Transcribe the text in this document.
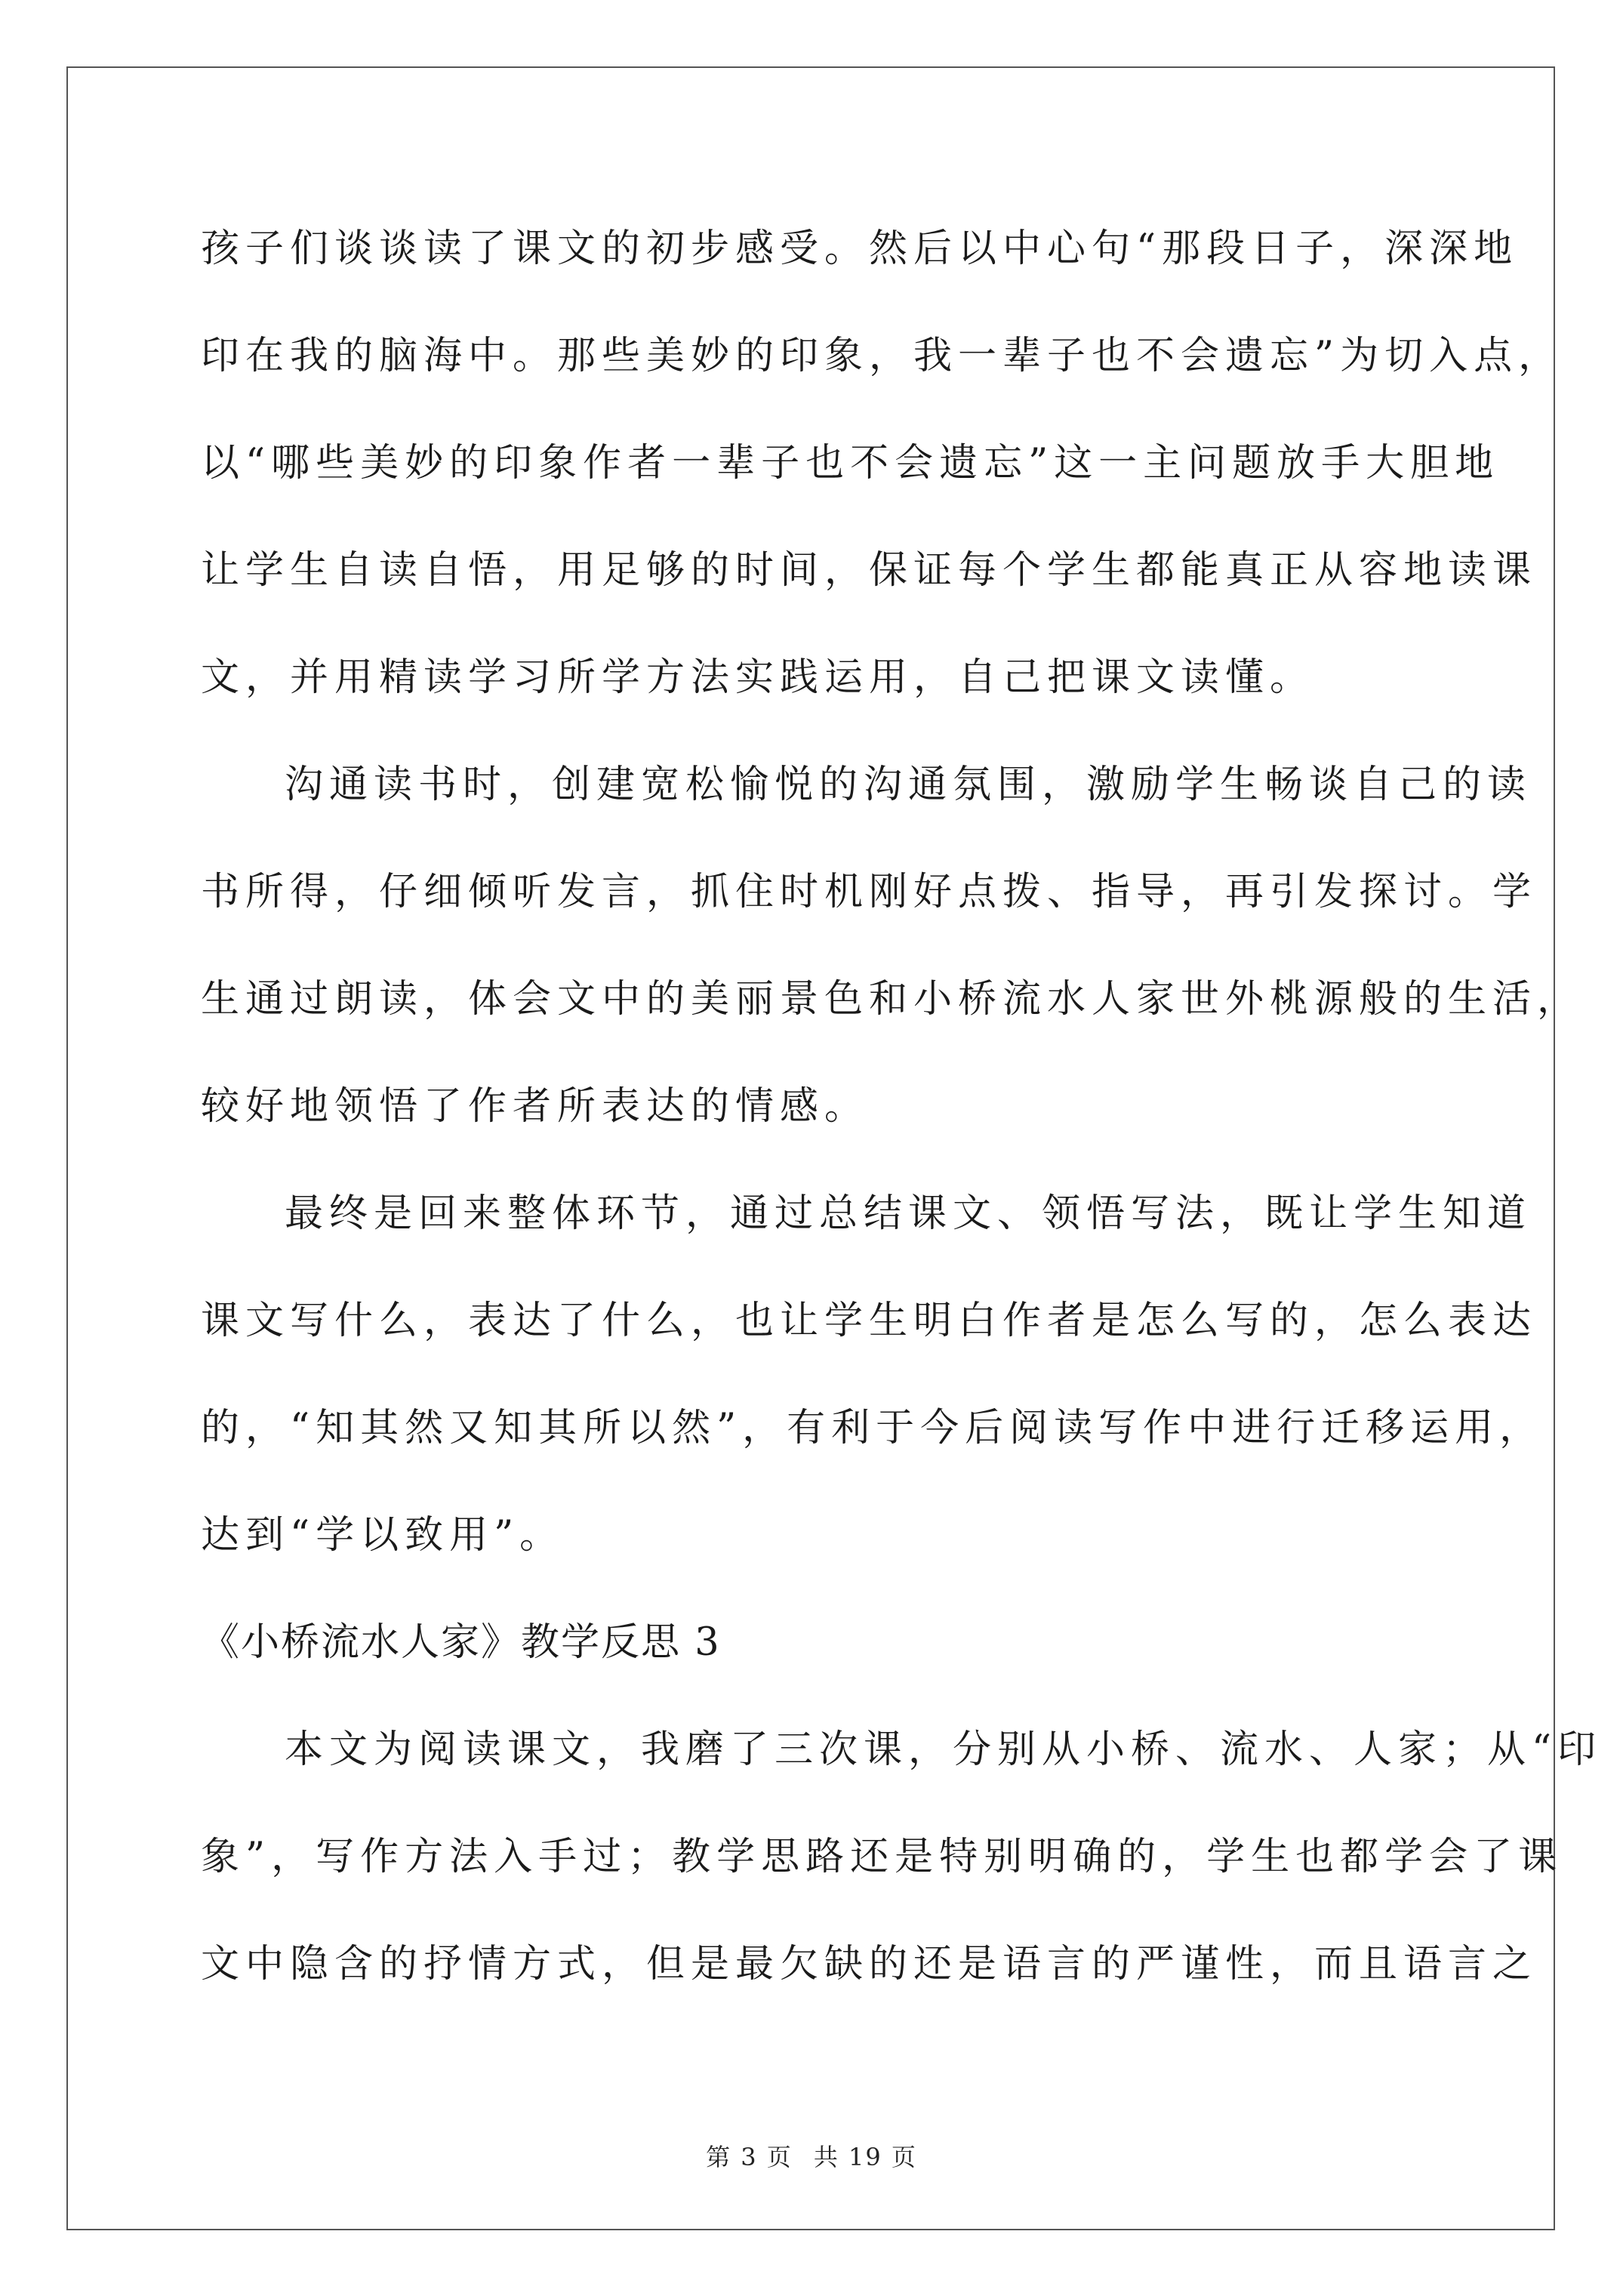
孩子们谈谈读了课文的初步感受。然后以中心句“那段日子，深深地
印在我的脑海中。那些美妙的印象，我一辈子也不会遗忘”为切入点，
以“哪些美妙的印象作者一辈子也不会遗忘”这一主问题放手大胆地
让学生自读自悟，用足够的时间，保证每个学生都能真正从容地读课
文，并用精读学习所学方法实践运用，自己把课文读懂。
沟通读书时，创建宽松愉悦的沟通氛围，激励学生畅谈自己的读
书所得，仔细倾听发言，抓住时机刚好点拨、指导，再引发探讨。学
生通过朗读，体会文中的美丽景色和小桥流水人家世外桃源般的生活，
较好地领悟了作者所表达的情感。
最终是回来整体环节，通过总结课文、领悟写法，既让学生知道
课文写什么，表达了什么，也让学生明白作者是怎么写的，怎么表达
的，“知其然又知其所以然”，有利于今后阅读写作中进行迁移运用，
达到“学以致用”。
《小桥流水人家》教学反思 3
本文为阅读课文，我磨了三次课，分别从小桥、流水、人家；从“印
象”，写作方法入手过；教学思路还是特别明确的，学生也都学会了课
文中隐含的抒情方式，但是最欠缺的还是语言的严谨性，而且语言之
第 3 页 共 19 页
